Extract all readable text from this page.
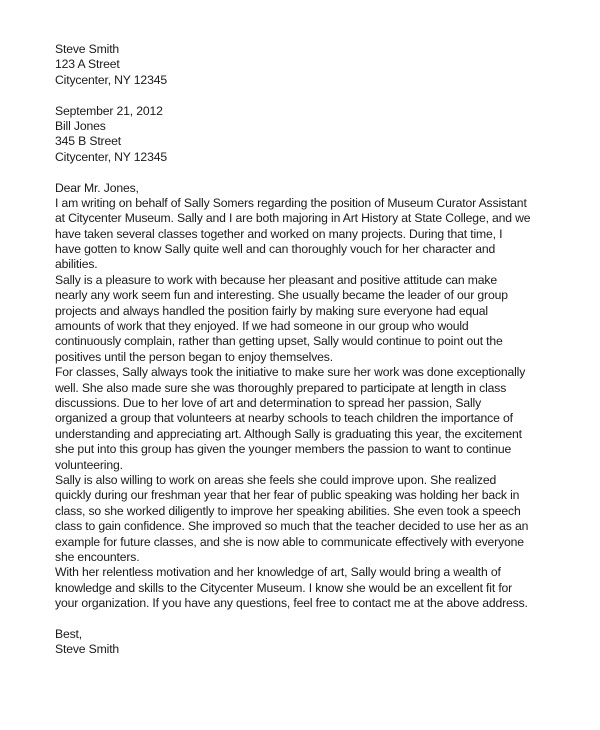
Steve Smith
123 A Street
Citycenter, NY 12345
September 21, 2012
Bill Jones
345 B Street
Citycenter, NY 12345
Dear Mr. Jones,
I am writing on behalf of Sally Somers regarding the position of Museum Curator Assistant
at Citycenter Museum. Sally and I are both majoring in Art History at State College, and we
have taken several classes together and worked on many projects. During that time, I
have gotten to know Sally quite well and can thoroughly vouch for her character and
abilities.
Sally is a pleasure to work with because her pleasant and positive attitude can make
nearly any work seem fun and interesting. She usually became the leader of our group
projects and always handled the position fairly by making sure everyone had equal
amounts of work that they enjoyed. If we had someone in our group who would
continuously complain, rather than getting upset, Sally would continue to point out the
positives until the person began to enjoy themselves.
For classes, Sally always took the initiative to make sure her work was done exceptionally
well. She also made sure she was thoroughly prepared to participate at length in class
discussions. Due to her love of art and determination to spread her passion, Sally
organized a group that volunteers at nearby schools to teach children the importance of
understanding and appreciating art. Although Sally is graduating this year, the excitement
she put into this group has given the younger members the passion to want to continue
volunteering.
Sally is also willing to work on areas she feels she could improve upon. She realized
quickly during our freshman year that her fear of public speaking was holding her back in
class, so she worked diligently to improve her speaking abilities. She even took a speech
class to gain confidence. She improved so much that the teacher decided to use her as an
example for future classes, and she is now able to communicate effectively with everyone
she encounters.
With her relentless motivation and her knowledge of art, Sally would bring a wealth of
knowledge and skills to the Citycenter Museum. I know she would be an excellent fit for
your organization. If you have any questions, feel free to contact me at the above address.
Best,
Steve Smith
